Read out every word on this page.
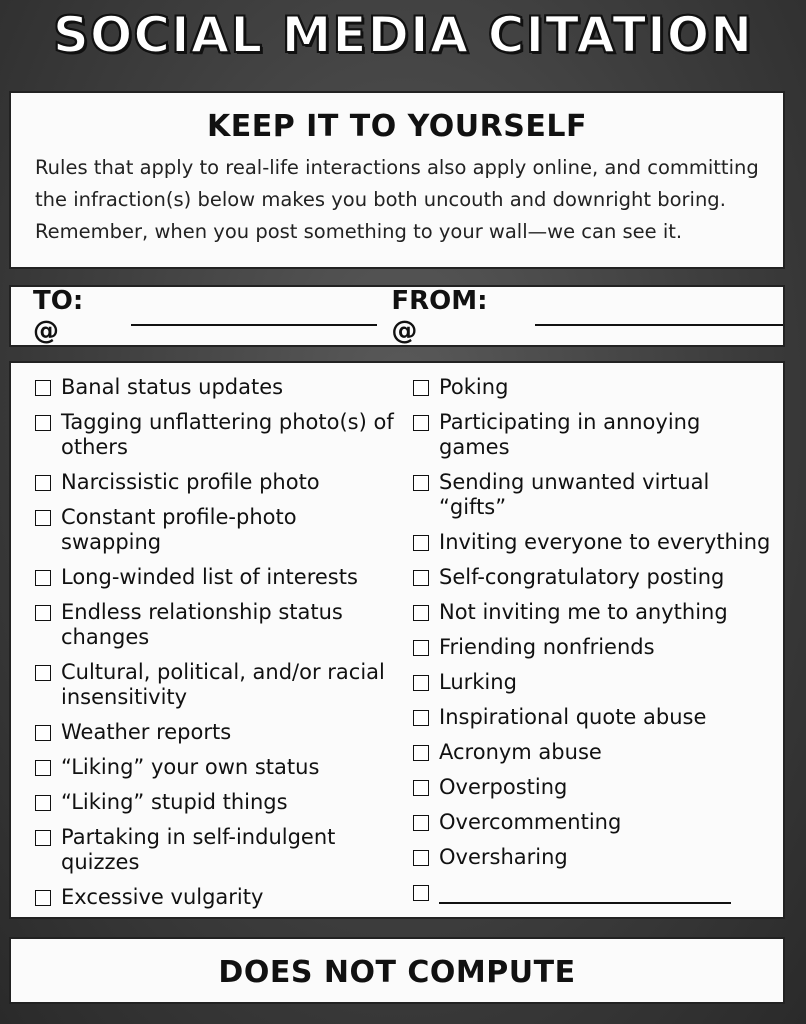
SOCIAL MEDIA CITATION
KEEP IT TO YOURSELF

Rules that apply to real-life interactions also apply online, and committing
the infraction(s) below makes you both uncouth and downright boring.
Remember, when you post something to your wall—we can see it.

TO: @
FROM: @
Banal status updates
Tagging unflattering photo(s) of others
Narcissistic profile photo
Constant profile-photo swapping
Long-winded list of interests
Endless relationship status changes
Cultural, political, and/or racial insensitivity
Weather reports
“Liking” your own status
“Liking” stupid things
Partaking in self-indulgent quizzes
Excessive vulgarity
Poking
Participating in annoying games
Sending unwanted virtual “gifts”
Inviting everyone to everything
Self-congratulatory posting
Not inviting me to anything
Friending nonfriends
Lurking
Inspirational quote abuse
Acronym abuse
Overposting
Overcommenting
Oversharing
DOES NOT COMPUTE
